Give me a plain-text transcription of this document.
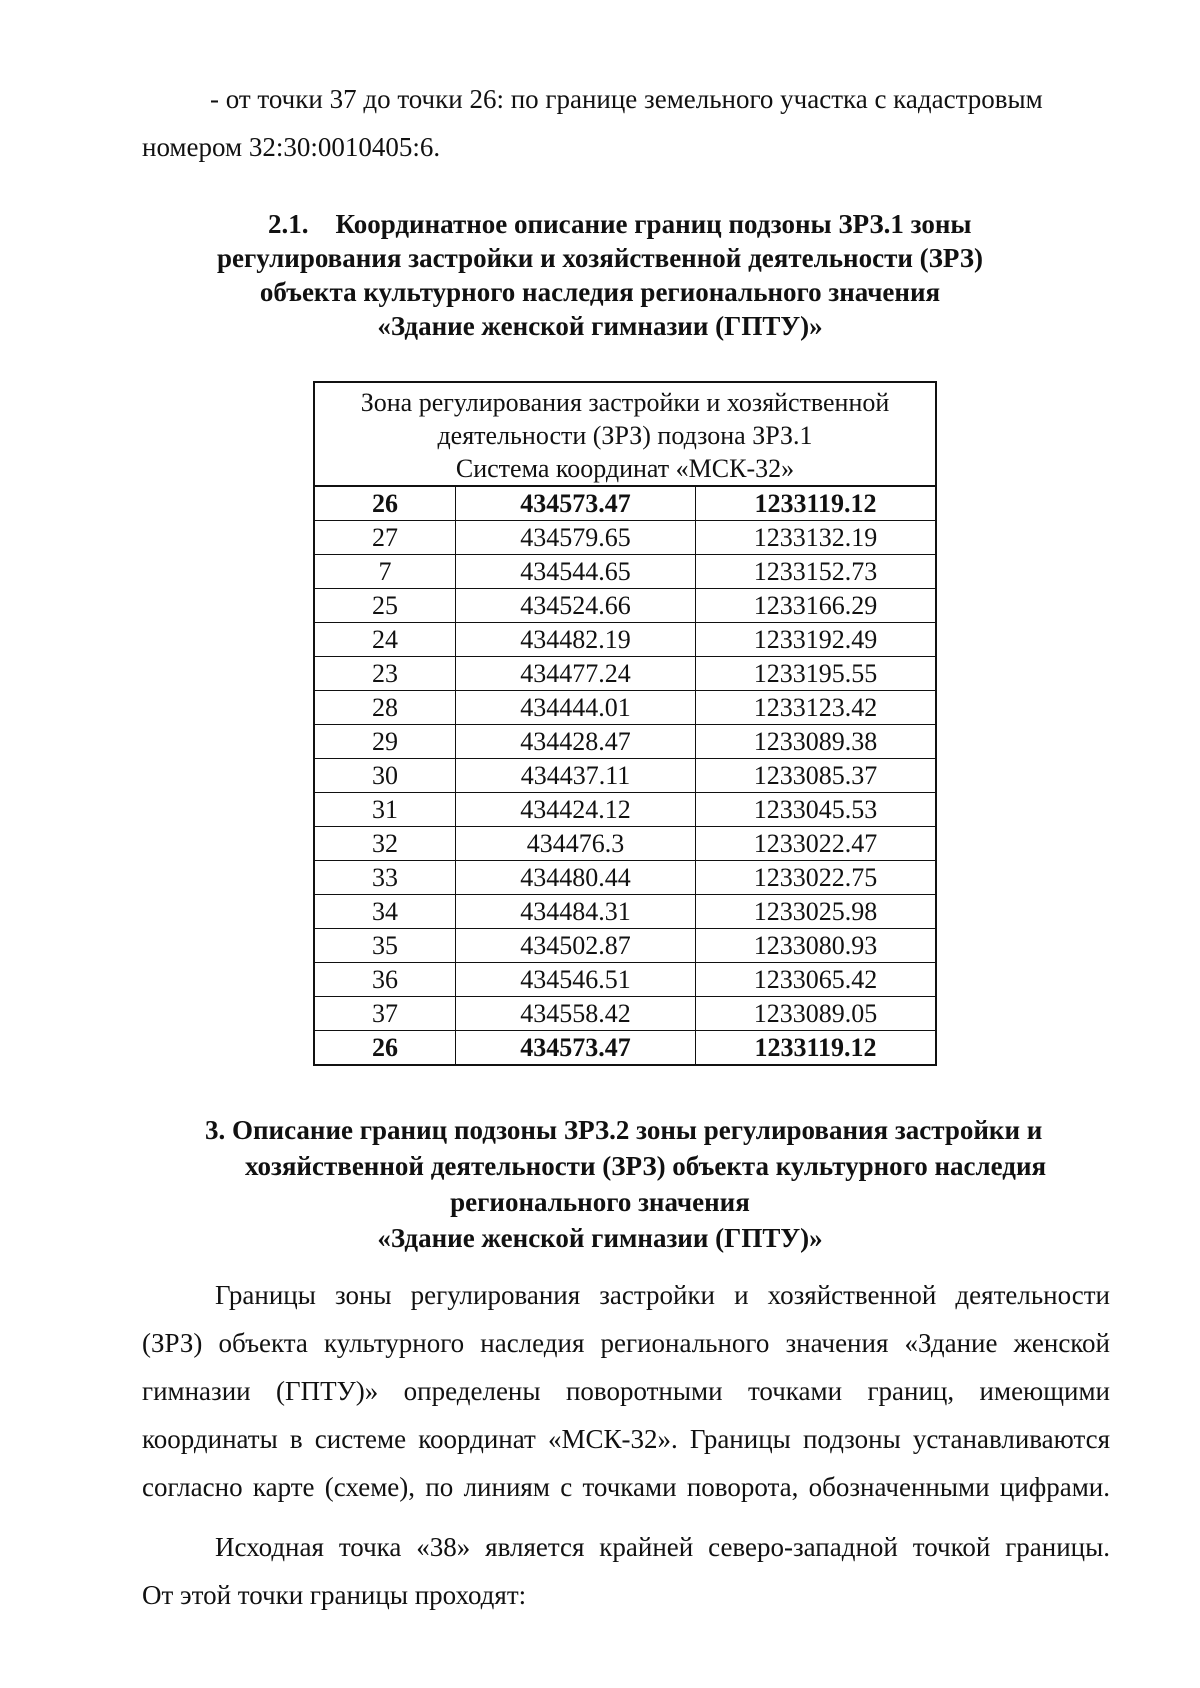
- от точки 37 до точки 26: по границе земельного участка с кадастровым
номером 32:30:0010405:6.
2.1. Координатное описание границ подзоны ЗРЗ.1 зоны
регулирования застройки и хозяйственной деятельности (ЗРЗ)
объекта культурного наследия регионального значения
«Здание женской гимназии (ГПТУ)»
Зона регулирования застройки и хозяйственной
деятельности (ЗРЗ) подзона ЗРЗ.1
Система координат «МСК-32»		

26	434573.47	1233119.12
27	434579.65	1233132.19
7	434544.65	1233152.73
25	434524.66	1233166.29
24	434482.19	1233192.49
23	434477.24	1233195.55
28	434444.01	1233123.42
29	434428.47	1233089.38
30	434437.11	1233085.37
31	434424.12	1233045.53
32	434476.3	1233022.47
33	434480.44	1233022.75
34	434484.31	1233025.98
35	434502.87	1233080.93
36	434546.51	1233065.42
37	434558.42	1233089.05
26	434573.47	1233119.12
3. Описание границ подзоны ЗРЗ.2 зоны регулирования застройки и
хозяйственной деятельности (ЗРЗ) объекта культурного наследия
регионального значения
«Здание женской гимназии (ГПТУ)»
Границы зоны регулирования застройки и хозяйственной деятельности
(ЗРЗ) объекта культурного наследия регионального значения «Здание женской
гимназии (ГПТУ)» определены поворотными точками границ, имеющими
координаты в системе координат «МСК-32». Границы подзоны устанавливаются
согласно карте (схеме), по линиям с точками поворота, обозначенными цифрами.
Исходная точка «38» является крайней северо-западной точкой границы.
От этой точки границы проходят:
